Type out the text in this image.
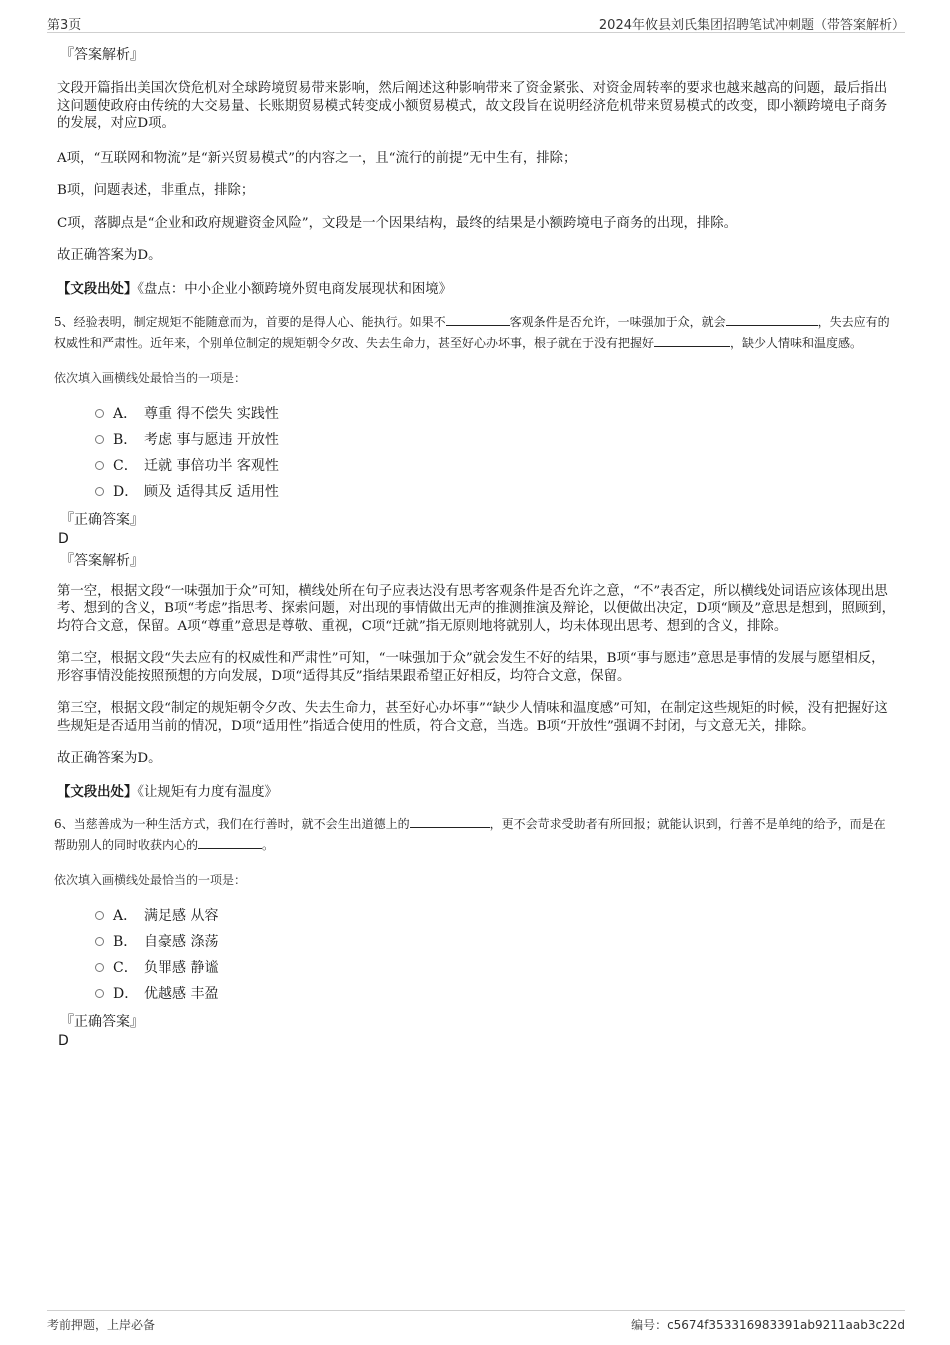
第3页	2024年攸县刘氏集团招聘笔试冲刺题（带答案解析）
『答案解析』

文段开篇指出美国次贷危机对全球跨境贸易带来影响，然后阐述这种影响带来了资金紧张、对资金周转率的要求也越来越高的问题，最后指出这问题使政府由传统的大交易量、长账期贸易模式转变成小额贸易模式，故文段旨在说明经济危机带来贸易模式的改变，即小额跨境电子商务的发展，对应D项。

A项，“互联网和物流”是“新兴贸易模式”的内容之一，且“流行的前提”无中生有，排除；

B项，问题表述，非重点，排除；

C项，落脚点是“企业和政府规避资金风险”，文段是一个因果结构，最终的结果是小额跨境电子商务的出现，排除。

故正确答案为D。

【文段出处】《盘点：中小企业小额跨境外贸电商发展现状和困境》

5、经验表明，制定规矩不能随意而为，首要的是得人心、能执行。如果不	客观条件是否允许，一味强加于众，就会	，失去应有的权威性和严肃性。近年来，个别单位制定的规矩朝令夕改、失去生命力，甚至好心办坏事，根子就在于没有把握好	，缺少人情味和温度感。

依次填入画横线处最恰当的一项是：
A． 尊重 得不偿失 实践性
B． 考虑 事与愿违 开放性
C． 迁就 事倍功半 客观性
D． 顾及 适得其反 适用性
『正确答案』
D
『答案解析』

第一空，根据文段“一味强加于众”可知，横线处所在句子应表达没有思考客观条件是否允许之意，“不”表否定，所以横线处词语应该体现出思考、想到的含义，B项“考虑”指思考、探索问题，对出现的事情做出无声的推测推演及辩论，以便做出决定，D项“顾及”意思是想到，照顾到，均符合文意，保留。A项“尊重”意思是尊敬、重视，C项“迁就”指无原则地将就别人，均未体现出思考、想到的含义，排除。

第二空，根据文段“失去应有的权威性和严肃性”可知，“一味强加于众”就会发生不好的结果，B项“事与愿违”意思是事情的发展与愿望相反，形容事情没能按照预想的方向发展，D项“适得其反”指结果跟希望正好相反，均符合文意，保留。

第三空，根据文段“制定的规矩朝令夕改、失去生命力，甚至好心办坏事”“缺少人情味和温度感”可知，在制定这些规矩的时候，没有把握好这些规矩是否适用当前的情况，D项“适用性”指适合使用的性质，符合文意，当选。B项“开放性”强调不封闭，与文意无关，排除。

故正确答案为D。

【文段出处】《让规矩有力度有温度》

6、当慈善成为一种生活方式，我们在行善时，就不会生出道德上的	，更不会苛求受助者有所回报；就能认识到，行善不是单纯的给予，而是在帮助别人的同时收获内心的	。

依次填入画横线处最恰当的一项是：
A． 满足感 从容
B． 自豪感 涤荡
C． 负罪感 静谧
D． 优越感 丰盈
『正确答案』
D
考前押题，上岸必备	编号：c5674f353316983391ab9211aab3c22d
